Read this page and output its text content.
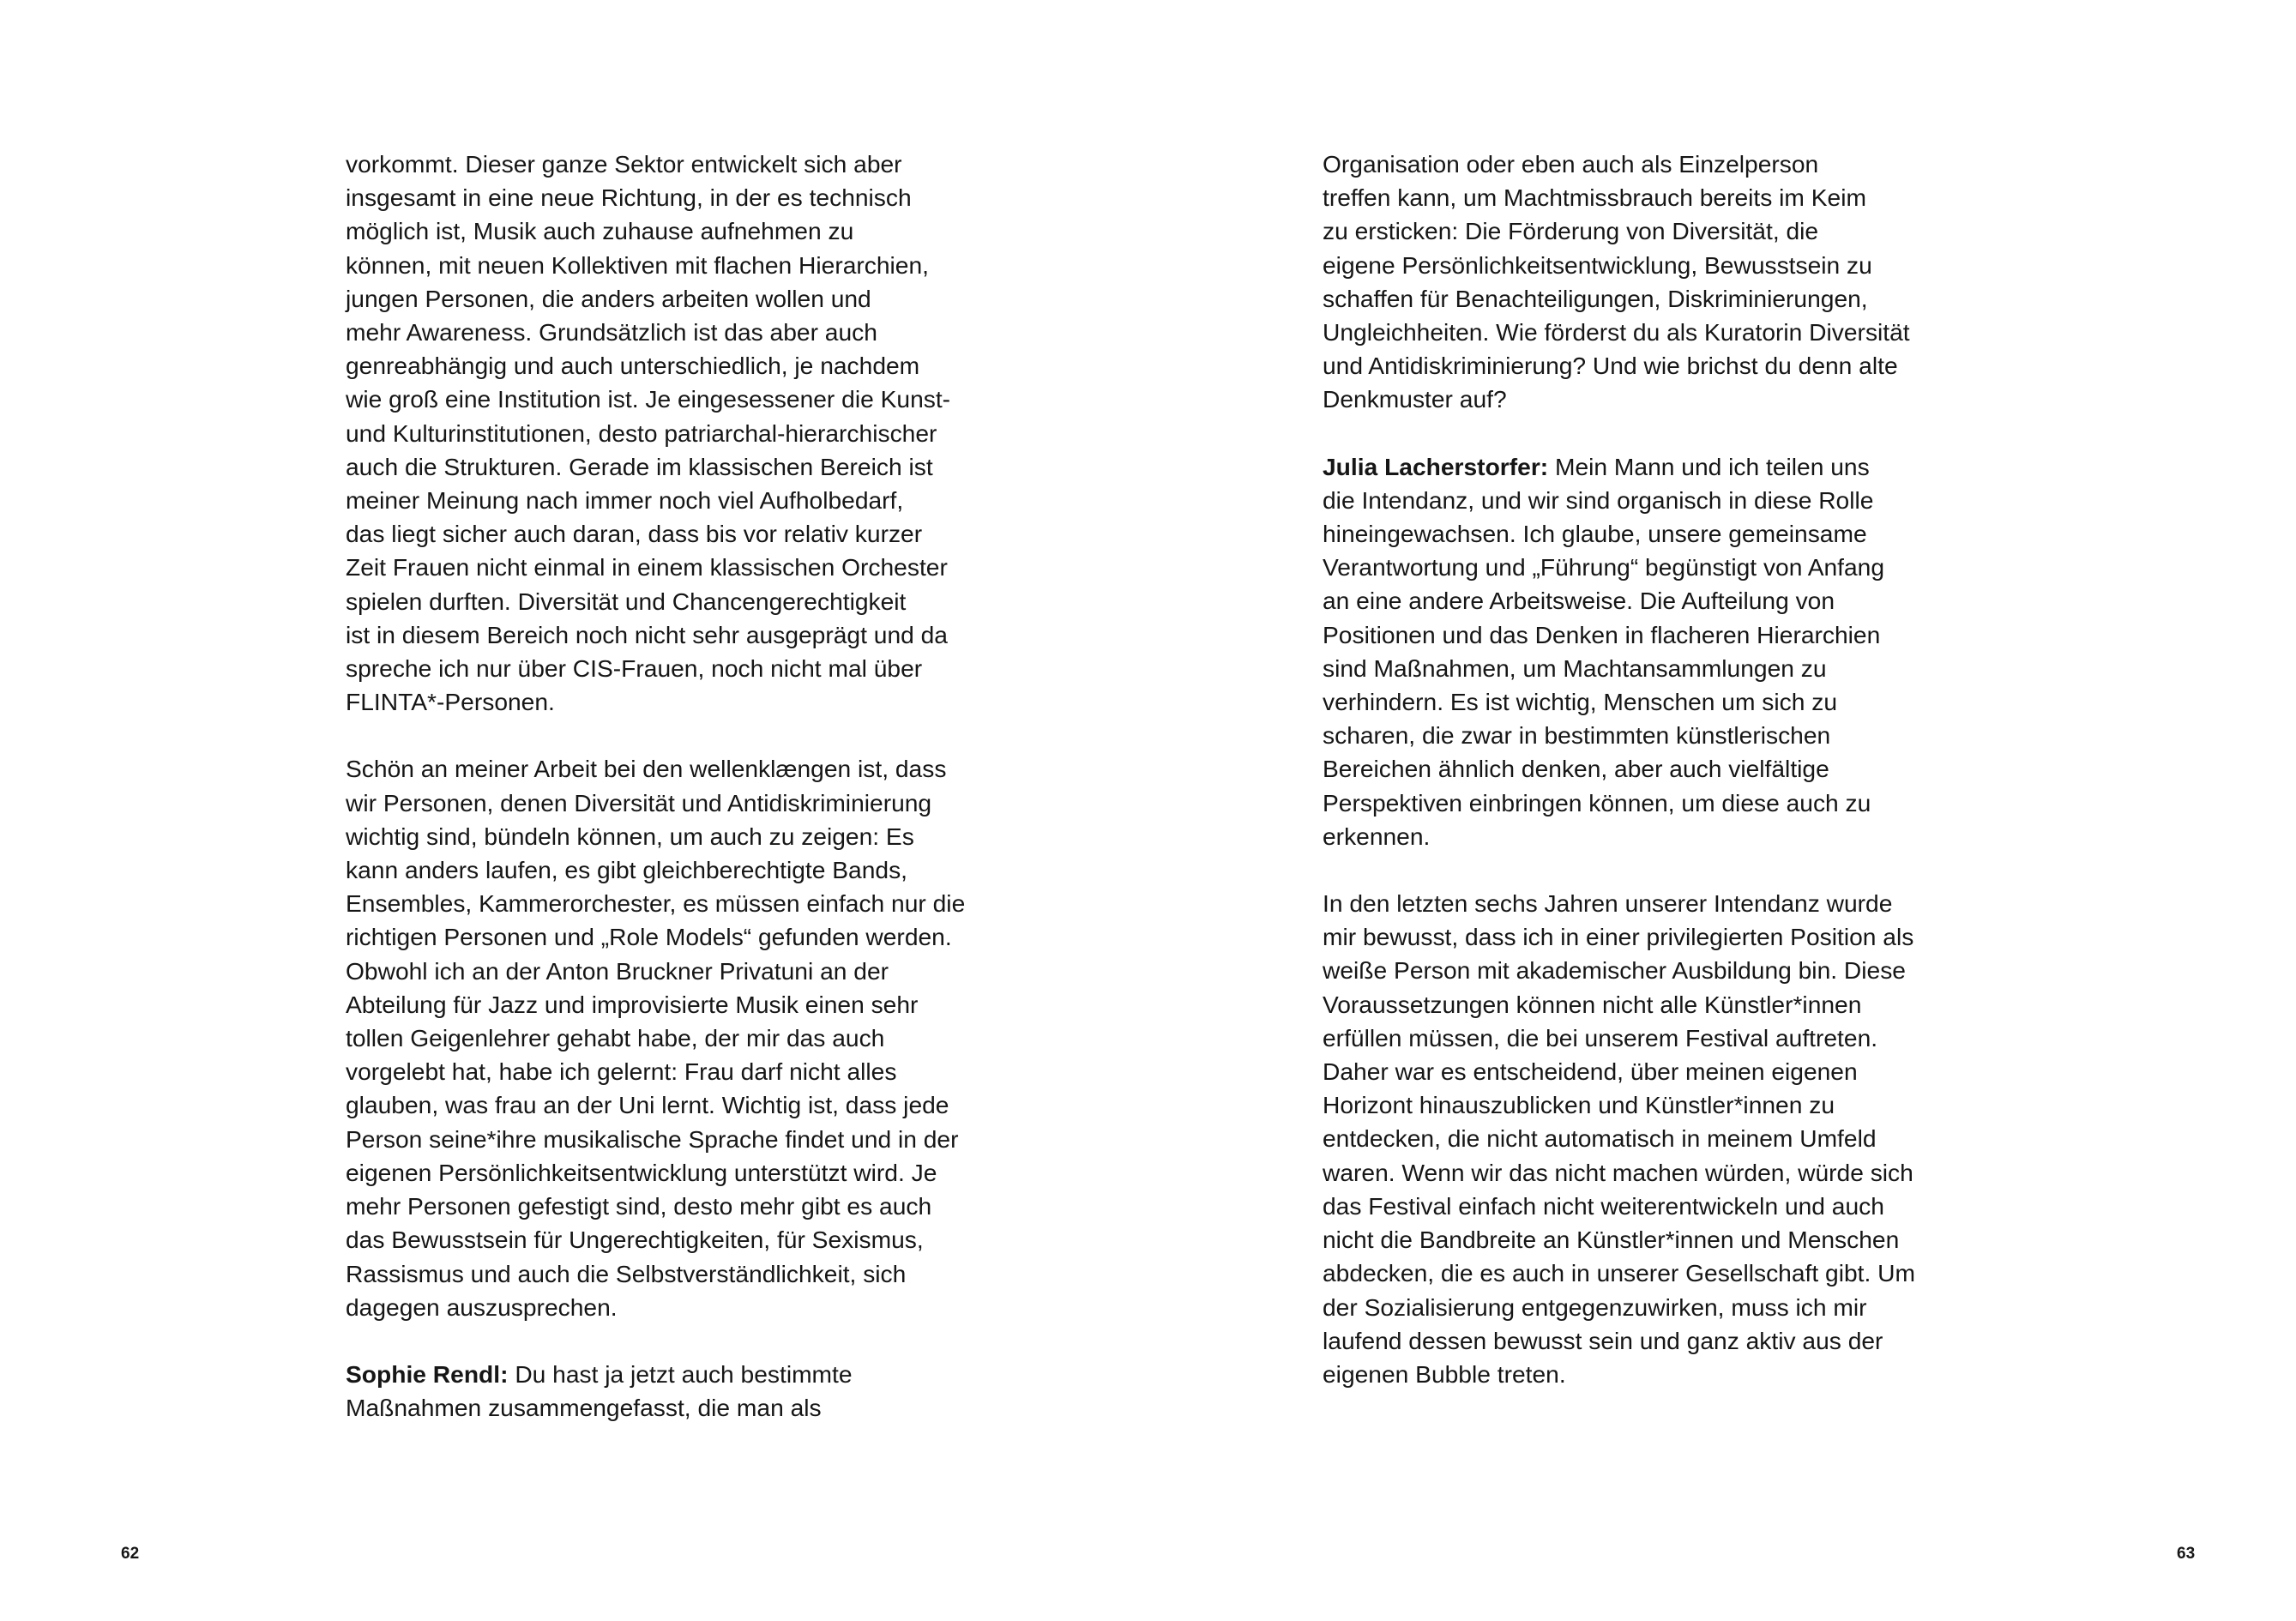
vorkommt. Dieser ganze Sektor entwickelt sich aber
insgesamt in eine neue Richtung, in der es technisch
möglich ist, Musik auch zuhause aufnehmen zu
können, mit neuen Kollektiven mit flachen Hierarchien,
jungen Personen, die anders arbeiten wollen und
mehr Awareness. Grundsätzlich ist das aber auch
genreabhängig und auch unterschiedlich, je nachdem
wie groß eine Institution ist. Je eingesessener die Kunst-
und Kulturinstitutionen, desto patriarchal-hierarchischer
auch die Strukturen. Gerade im klassischen Bereich ist
meiner Meinung nach immer noch viel Aufholbedarf,
das liegt sicher auch daran, dass bis vor relativ kurzer
Zeit Frauen nicht einmal in einem klassischen Orchester
spielen durften. Diversität und Chancengerechtigkeit
ist in diesem Bereich noch nicht sehr ausgeprägt und da
spreche ich nur über CIS-Frauen, noch nicht mal über
FLINTA*-Personen.

Schön an meiner Arbeit bei den wellenklængen ist, dass
wir Personen, denen Diversität und Antidiskriminierung
wichtig sind, bündeln können, um auch zu zeigen: Es
kann anders laufen, es gibt gleichberechtigte Bands,
Ensembles, Kammerorchester, es müssen einfach nur die
richtigen Personen und „Role Models“ gefunden werden.
Obwohl ich an der Anton Bruckner Privatuni an der
Abteilung für Jazz und improvisierte Musik einen sehr
tollen Geigenlehrer gehabt habe, der mir das auch
vorgelebt hat, habe ich gelernt: Frau darf nicht alles
glauben, was frau an der Uni lernt. Wichtig ist, dass jede
Person seine*ihre musikalische Sprache findet und in der
eigenen Persönlichkeitsentwicklung unterstützt wird. Je
mehr Personen gefestigt sind, desto mehr gibt es auch
das Bewusstsein für Ungerechtigkeiten, für Sexismus,
Rassismus und auch die Selbstverständlichkeit, sich
dagegen auszusprechen.

Sophie Rendl: Du hast ja jetzt auch bestimmte
Maßnahmen zusammengefasst, die man als

62

Organisation oder eben auch als Einzelperson
treffen kann, um Machtmissbrauch bereits im Keim
zu ersticken: Die Förderung von Diversität, die
eigene Persönlichkeitsentwicklung, Bewusstsein zu
schaffen für Benachteiligungen, Diskriminierungen,
Ungleichheiten. Wie förderst du als Kuratorin Diversität
und Antidiskriminierung? Und wie brichst du denn alte
Denkmuster auf?

Julia Lacherstorfer: Mein Mann und ich teilen uns
die Intendanz, und wir sind organisch in diese Rolle
hineingewachsen. Ich glaube, unsere gemeinsame
Verantwortung und „Führung“ begünstigt von Anfang
an eine andere Arbeitsweise. Die Aufteilung von
Positionen und das Denken in flacheren Hierarchien
sind Maßnahmen, um Machtansammlungen zu
verhindern. Es ist wichtig, Menschen um sich zu
scharen, die zwar in bestimmten künstlerischen
Bereichen ähnlich denken, aber auch vielfältige
Perspektiven einbringen können, um diese auch zu
erkennen.

In den letzten sechs Jahren unserer Intendanz wurde
mir bewusst, dass ich in einer privilegierten Position als
weiße Person mit akademischer Ausbildung bin. Diese
Voraussetzungen können nicht alle Künstler*innen
erfüllen müssen, die bei unserem Festival auftreten.
Daher war es entscheidend, über meinen eigenen
Horizont hinauszublicken und Künstler*innen zu
entdecken, die nicht automatisch in meinem Umfeld
waren. Wenn wir das nicht machen würden, würde sich
das Festival einfach nicht weiterentwickeln und auch
nicht die Bandbreite an Künstler*innen und Menschen
abdecken, die es auch in unserer Gesellschaft gibt. Um
der Sozialisierung entgegenzuwirken, muss ich mir
laufend dessen bewusst sein und ganz aktiv aus der
eigenen Bubble treten.

63
